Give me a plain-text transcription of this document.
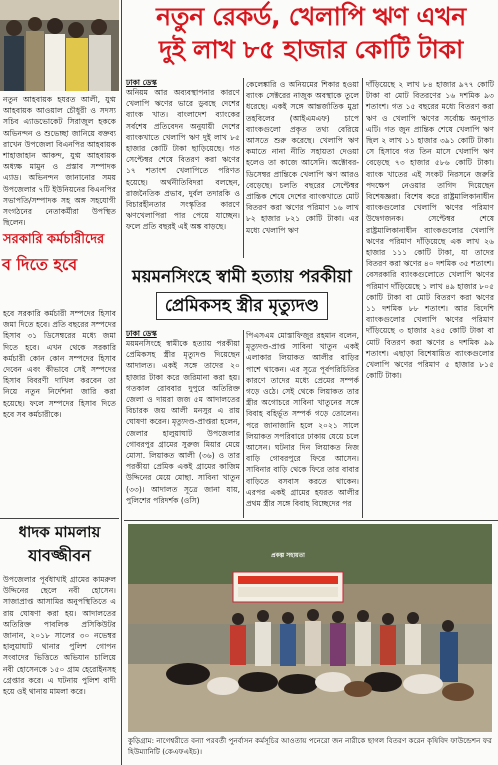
নতুন আহবায়ক হযরত আলী, যুগ্ম আহবায়ক আওয়াল চৌধুরী ও সদস্য সচিব এ্যাডভোকেট সিরাজুল হককে অভিনন্দন ও শুভেচ্ছা জানিয়ে বক্তব্য রাখেন উপজেলা বিএনপির আহবায়ক শাহাজাহান আকন্দ, যুগ্ম আহবায়ক অধ্যক্ষ মামুন ও প্রস্তাব সম্পাদক এ্যাড। অভিনন্দন জানানোর সময় উপজেলার ৭টি ইউনিয়নের বিএনপির সভাপতি/সম্পাদক সহ অঙ্গ সহযোগী সংগঠনের নেতাকর্মীরা উপস্থিত ছিলেন।
সরকারি কর্মচারীদের
ব দিতে হবে
হবে সরকারি কর্মচারী সম্পদের হিসাব জমা দিতে হবে। প্রতি বছরের সম্পদের হিসাব ৩১ ডিসেম্বরের মধ্যে জমা দিতে হবে। এখন থেকে সরকারি কর্মচারী কোন কোন সম্পদের হিসাব দেবেন এবং কীভাবে সেই সম্পদের হিসাব বিবরণী দাখিল করবেন তা নিয়ে নতুন নির্দেশনা জারি করা হয়েছে। ফলে সম্পদের হিসাব দিতে হবে সব কর্মচারীকে।
ধাদক মামলায়
যাবজ্জীবন
উপজেলার পূর্বধাখাই গ্রামের কামরুল উদ্দিনের ছেলে নবী হোসেন। সাজাপ্রাপ্ত আসামির অনুপস্থিতিতে এ রায় ঘোষণা করা হয়। আদালতের অতিরিক্ত পাবলিক প্রসিকিউটর জানান, ২০১৮ সালের ৩০ নভেম্বর হালুয়াঘাট থানার পুলিশ গোপন সংবাদের ভিত্তিতে অভিযান চালিয়ে নবী হোসেনকে ১৫০ গ্রাম হেরোইনসহ গ্রেপ্তার করে। এ ঘটনায় পুলিশ বাদী হয়ে ওই থানায় মামলা করে।
নতুন রেকর্ড, খেলাপি ঋণ এখন
দুই লাখ ৮৫ হাজার কোটি টাকা
ঢাকা ডেস্ক
অনিয়ম আর অব্যবস্থাপনার কারণে খেলাপি ঋণের ভারে ডুবছে দেশের ব্যাংক খাত। বাংলাদেশ ব্যাংকের সর্বশেষ প্রতিবেদন অনুযায়ী দেশের ব্যাংকখাতে খেলাপি ঋণ দুই লাখ ৮৫ হাজার কোটি টাকা ছাড়িয়েছে। গত সেপ্টেম্বর শেষে বিতরণ করা ঋণের ১৭ শতাংশ খেলাপিতে পরিণত হয়েছে। অর্থনীতিবিদরা বলছেন, রাজনৈতিক প্রভাব, দুর্বল তদারকি ও বিচারহীনতার সংস্কৃতির কারণে ঋণখেলাপিরা পার পেয়ে যাচ্ছেন। ফলে প্রতি বছরই এই অঙ্ক বাড়ছে।
কেলেঙ্কারি ও অনিয়মের শিকার হওয়া ব্যাংক সেক্টরের নাজুক অবস্থাকে তুলে ধরেছে। একই সঙ্গে আন্তর্জাতিক মুদ্রা তহবিলের (আইএমএফ) চাপে ব্যাংকগুলো প্রকৃত তথ্য বেরিয়ে আসতে শুরু করেছে। খেলাপি ঋণ কমাতে নানা নীতি সহায়তা দেওয়া হলেও তা কাজে আসেনি। অক্টোবর-ডিসেম্বর প্রান্তিকে খেলাপি ঋণ আরও বেড়েছে। চলতি বছরের সেপ্টেম্বর প্রান্তিক শেষে দেশের ব্যাংকখাতে মোট বিতরণ করা ঋণের পরিমাণ ১৬ লাখ ৮২ হাজার ৮২১ কোটি টাকা। এর মধ্যে খেলাপি ঋণ
দাঁড়িয়েছে ২ লাখ ৮৪ হাজার ৯৭৭ কোটি টাকা বা মোট বিতরণের ১৬ দশমিক ৯৩ শতাংশ। গত ১৫ বছরের মধ্যে বিতরণ করা ঋণ ও খেলাপি ঋণের সর্বোচ্চ অনুপাত এটি। গত জুন প্রান্তিক শেষে খেলাপি ঋণ ছিল ২ লাখ ১১ হাজার ৩৯১ কোটি টাকা। সে হিসাবে গত তিন মাসে খেলাপি ঋণ বেড়েছে ৭৩ হাজার ৫৮৬ কোটি টাকা। ব্যাংক খাতের এই সংকট নিরসনে জরুরি পদক্ষেপ নেওয়ার তাগিদ দিয়েছেন বিশেষজ্ঞরা। বিশেষ করে রাষ্ট্রমালিকানাধীন ব্যাংকগুলোর খেলাপি ঋণের পরিমাণ উদ্বেগজনক। সেপ্টেম্বর শেষে রাষ্ট্রমালিকানাধীন ব্যাংকগুলোর খেলাপি ঋণের পরিমাণ দাঁড়িয়েছে এক লাখ ২৬ হাজার ১১১ কোটি টাকা, যা তাদের বিতরণ করা ঋণের ৪০ দশমিক ৩৫ শতাংশ। বেসরকারি ব্যাংকগুলোতে খেলাপি ঋণের পরিমাণ দাঁড়িয়েছে ১ লাখ ৪৯ হাজার ৮০৫ কোটি টাকা বা মোট বিতরণ করা ঋণের ১১ দশমিক ৮৮ শতাংশ। আর বিদেশি ব্যাংকগুলোর খেলাপি ঋণের পরিমাণ দাঁড়িয়েছে ৩ হাজার ২৪৫ কোটি টাকা বা মোট বিতরণ করা ঋণের ৪ দশমিক ৯৯ শতাংশ। এছাড়া বিশেষায়িত ব্যাংকগুলোর খেলাপি ঋণের পরিমাণ ৫ হাজার ৮১৫ কোটি টাকা।
ময়মনসিংহে স্বামী হত্যায় পরকীয়া
প্রেমিকসহ স্ত্রীর মৃত্যুদণ্ড
ঢাকা ডেস্ক
ময়মনসিংহে স্বামীকে হত্যায় পরকীয়া প্রেমিকসহ স্ত্রীর মৃত্যুদণ্ড দিয়েছেন আদালত। একই সঙ্গে তাদের ২০ হাজার টাকা করে জরিমানা করা হয়। গতকাল রোববার দুপুরে অতিরিক্ত জেলা ও দায়রা জজ ৫ম আদালতের বিচারক জয় আলী মনসুর এ রায় ঘোষণা করেন। মৃত্যুদণ্ড-প্রাপ্তরা হলেন, জেলার হালুয়াঘাট উপজেলার গোবরপুর গ্রামের সুরুজ মিয়ার মেয়ে মোসা. লিয়াকত আলী (৩৬) ও তার পরকীয়া প্রেমিক একই গ্রামের কাজিম উদ্দিনের মেয়ে মোছা. সাবিনা খাতুন (৩৩)। আদালত সূত্রে জানা যায়, পুলিশের পরিদর্শক (ওসি)
পিএসএম মোস্তাফিজুর রহমান বলেন, মৃত্যুদণ্ড-প্রাপ্ত সাবিনা খাতুন একই এলাকার লিয়াকত আলীর বাড়ির পাশে থাকেন। এর সূত্রে পূর্বপরিচিতির কারণে তাদের মধ্যে প্রেমের সম্পর্ক গড়ে ওঠে। সেই থেকে লিয়াকত তার স্ত্রীর অগোচরে সাবিনা খাতুনের সঙ্গে বিবাহ বহির্ভূত সম্পর্ক গড়ে তোলেন। পরে জানাজানি হলে ২০২১ সালে লিয়াকত সপরিবারে ঢাকায় যেয়ে চলে আসেন। ঘটনার দিন লিয়াকত নিজ বাড়ি গোবরপুরে ফিরে আসেন। সাবিনার বাড়ি থেকে ফিরে তার বাবার বাড়িতে বসবাস করতে থাকেন। এরপর একই গ্রামের হযরত আলীর প্রথম স্ত্রীর সঙ্গে বিবাহ বিচ্ছেদের পর
প্রকল্প সহায়তা
কুড়িগ্রাম: নাগেশ্বরীতে বন্যা পরবর্তী পুনর্বাসন কর্মসূচির আওতায় পনেরো জন নারীকে ছাগল বিতরণ করেন কৃষিবিদ ফাউন্ডেশন ফর হিউম্যানিটি (কেএফএইচ)।
